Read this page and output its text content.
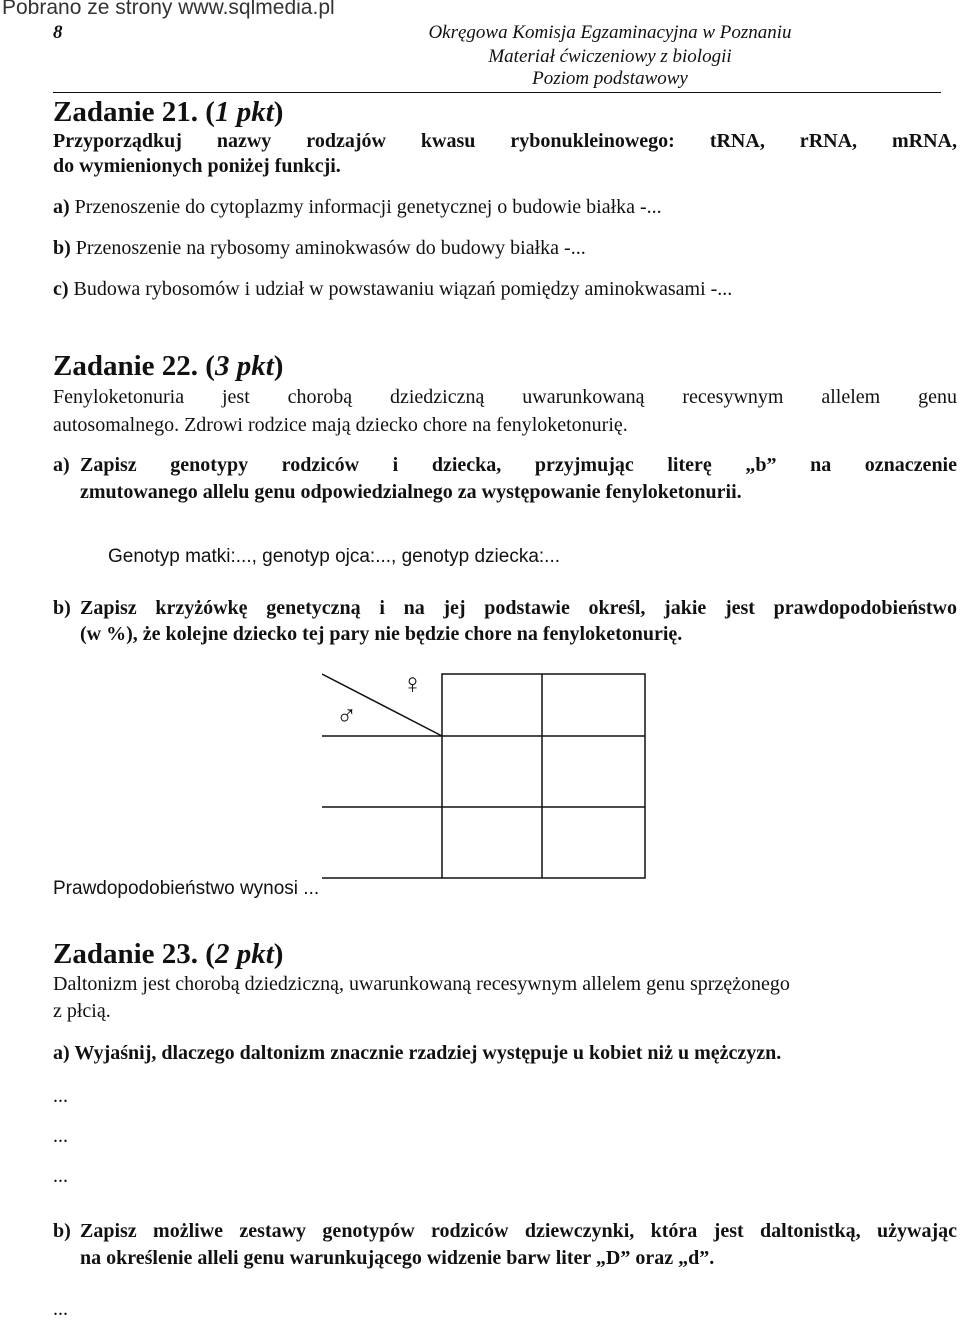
Pobrano ze strony www.sqlmedia.pl
8	Okręgowa Komisja Egzaminacyjna w Poznaniu
Materiał ćwiczeniowy z biologii
Poziom podstawowy
Zadanie 21. (1 pkt)
Przyporządkuj nazwy rodzajów kwasu rybonukleinowego: tRNA, rRNA, mRNA,
do wymienionych poniżej funkcji.
a) Przenoszenie do cytoplazmy informacji genetycznej o budowie białka -...
b) Przenoszenie na rybosomy aminokwasów do budowy białka -...
c) Budowa rybosomów i udział w powstawaniu wiązań pomiędzy aminokwasami -...
Zadanie 22. (3 pkt)
Fenyloketonuria jest chorobą dziedziczną uwarunkowaną recesywnym allelem genu
autosomalnego. Zdrowi rodzice mają dziecko chore na fenyloketonurię.
a) Zapisz genotypy rodziców i dziecka, przyjmując literę „b” na oznaczenie
zmutowanego allelu genu odpowiedzialnego za występowanie fenyloketonurii.
Genotyp matki:..., genotyp ojca:..., genotyp dziecka:...
b) Zapisz krzyżówkę genetyczną i na jej podstawie określ, jakie jest prawdopodobieństwo
(w %), że kolejne dziecko tej pary nie będzie chore na fenyloketonurię.
♀
♂
Prawdopodobieństwo wynosi ...
Zadanie 23. (2 pkt)
Daltonizm jest chorobą dziedziczną, uwarunkowaną recesywnym allelem genu sprzężonego
z płcią.
a) Wyjaśnij, dlaczego daltonizm znacznie rzadziej występuje u kobiet niż u mężczyzn.
...
...
...
b) Zapisz możliwe zestawy genotypów rodziców dziewczynki, która jest daltonistką, używając
na określenie alleli genu warunkującego widzenie barw liter „D” oraz „d”.
...
